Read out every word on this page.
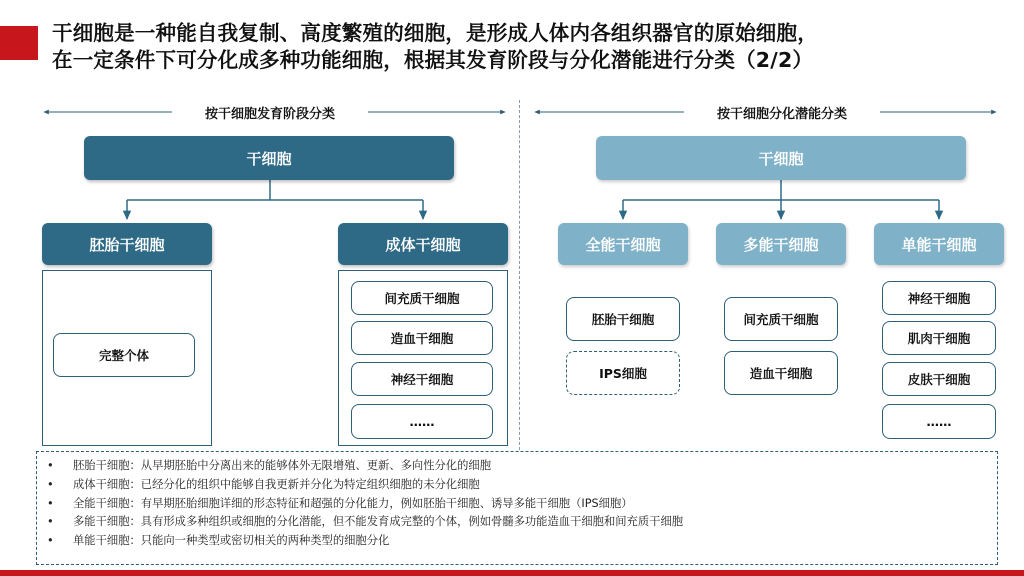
干细胞是一种能自我复制、高度繁殖的细胞，是形成人体内各组织器官的原始细胞，
在一定条件下可分化成多种功能细胞，根据其发育阶段与分化潜能进行分类（2/2）
按干细胞发育阶段分类	按干细胞分化潜能分类
干细胞
胚胎干细胞	成体干细胞
完整个体
间充质干细胞
造血干细胞
神经干细胞
……
干细胞
全能干细胞	多能干细胞	单能干细胞
胚胎干细胞
IPS细胞
间充质干细胞
造血干细胞
神经干细胞
肌肉干细胞
皮肤干细胞
……
• 胚胎干细胞：从早期胚胎中分离出来的能够体外无限增殖、更新、多向性分化的细胞
• 成体干细胞：已经分化的组织中能够自我更新并分化为特定组织细胞的未分化细胞
• 全能干细胞：有早期胚胎细胞详细的形态特征和超强的分化能力，例如胚胎干细胞、诱导多能干细胞（IPS细胞）
• 多能干细胞：具有形成多种组织或细胞的分化潜能，但不能发育成完整的个体，例如骨髓多功能造血干细胞和间充质干细胞
• 单能干细胞：只能向一种类型或密切相关的两种类型的细胞分化
